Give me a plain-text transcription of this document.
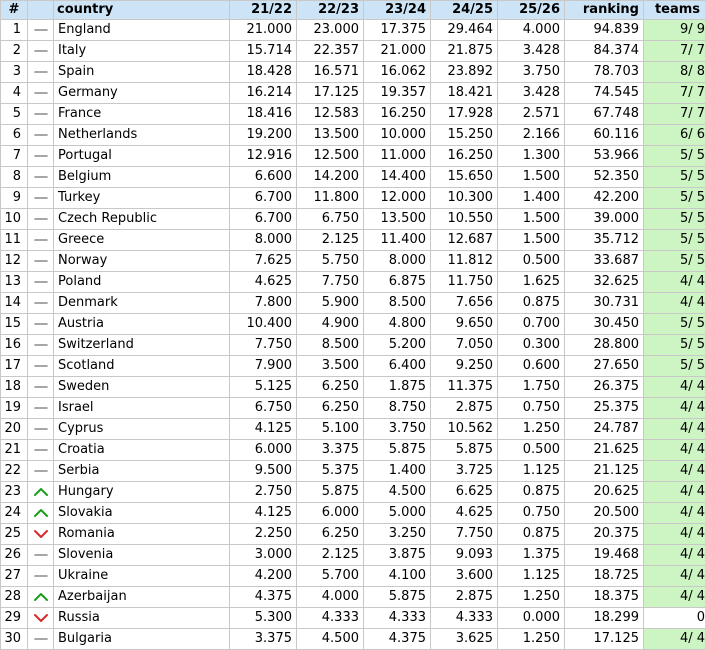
#		country	21/22	22/23	23/24	24/25	25/26	ranking	teams
1		England	21.000	23.000	17.375	29.464	4.000	94.839	9/ 9
2		Italy	15.714	22.357	21.000	21.875	3.428	84.374	7/ 7
3		Spain	18.428	16.571	16.062	23.892	3.750	78.703	8/ 8
4		Germany	16.214	17.125	19.357	18.421	3.428	74.545	7/ 7
5		France	18.416	12.583	16.250	17.928	2.571	67.748	7/ 7
6		Netherlands	19.200	13.500	10.000	15.250	2.166	60.116	6/ 6
7		Portugal	12.916	12.500	11.000	16.250	1.300	53.966	5/ 5
8		Belgium	6.600	14.200	14.400	15.650	1.500	52.350	5/ 5
9		Turkey	6.700	11.800	12.000	10.300	1.400	42.200	5/ 5
10		Czech Republic	6.700	6.750	13.500	10.550	1.500	39.000	5/ 5
11		Greece	8.000	2.125	11.400	12.687	1.500	35.712	5/ 5
12		Norway	7.625	5.750	8.000	11.812	0.500	33.687	5/ 5
13		Poland	4.625	7.750	6.875	11.750	1.625	32.625	4/ 4
14		Denmark	7.800	5.900	8.500	7.656	0.875	30.731	4/ 4
15		Austria	10.400	4.900	4.800	9.650	0.700	30.450	5/ 5
16		Switzerland	7.750	8.500	5.200	7.050	0.300	28.800	5/ 5
17		Scotland	7.900	3.500	6.400	9.250	0.600	27.650	5/ 5
18		Sweden	5.125	6.250	1.875	11.375	1.750	26.375	4/ 4
19		Israel	6.750	6.250	8.750	2.875	0.750	25.375	4/ 4
20		Cyprus	4.125	5.100	3.750	10.562	1.250	24.787	4/ 4
21		Croatia	6.000	3.375	5.875	5.875	0.500	21.625	4/ 4
22		Serbia	9.500	5.375	1.400	3.725	1.125	21.125	4/ 4
23		Hungary	2.750	5.875	4.500	6.625	0.875	20.625	4/ 4
24		Slovakia	4.125	6.000	5.000	4.625	0.750	20.500	4/ 4
25		Romania	2.250	6.250	3.250	7.750	0.875	20.375	4/ 4
26		Slovenia	3.000	2.125	3.875	9.093	1.375	19.468	4/ 4
27		Ukraine	4.200	5.700	4.100	3.600	1.125	18.725	4/ 4
28		Azerbaijan	4.375	4.000	5.875	2.875	1.250	18.375	4/ 4
29		Russia	5.300	4.333	4.333	4.333	0.000	18.299	0
30		Bulgaria	3.375	4.500	4.375	3.625	1.250	17.125	4/ 4
